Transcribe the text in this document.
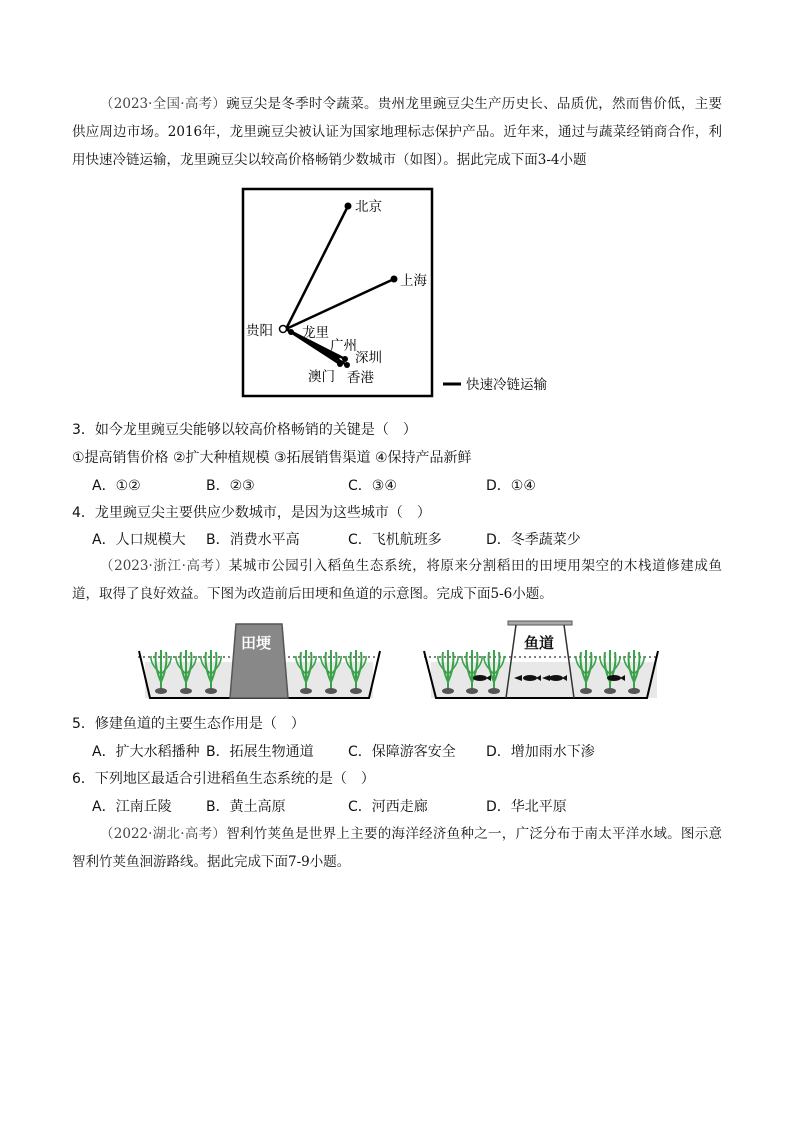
（2023·全国·高考）豌豆尖是冬季时令蔬菜。贵州龙里豌豆尖生产历史长、品质优，然而售价低，主要供应周边市场。2016年，龙里豌豆尖被认证为国家地理标志保护产品。近年来，通过与蔬菜经销商合作，利用快速冷链运输，龙里豌豆尖以较高价格畅销少数城市（如图）。据此完成下面3-4小题
北京
上海
贵阳 龙里
广州
深圳
澳门 香港	快速冷链运输
3．如今龙里豌豆尖能够以较高价格畅销的关键是（　）
①提高销售价格 ②扩大种植规模 ③拓展销售渠道 ④保持产品新鲜
A．①②	B．②③	C．③④	D．①④
4．龙里豌豆尖主要供应少数城市，是因为这些城市（　）
A．人口规模大 B．消费水平高	C．飞机航班多	D．冬季蔬菜少
（2023·浙江·高考）某城市公园引入稻鱼生态系统，将原来分割稻田的田埂用架空的木栈道修建成鱼道，取得了良好效益。下图为改造前后田埂和鱼道的示意图。完成下面5-6小题。
田埂	鱼道
5．修建鱼道的主要生态作用是（　）
A．扩大水稻播种 B．拓展生物通道 C．保障游客安全 D．增加雨水下渗
6．下列地区最适合引进稻鱼生态系统的是（　）
A．江南丘陵 B．黄土高原	C．河西走廊	D．华北平原
（2022·湖北·高考）智利竹荚鱼是世界上主要的海洋经济鱼种之一，广泛分布于南太平洋水域。图示意智利竹荚鱼洄游路线。据此完成下面7-9小题。
